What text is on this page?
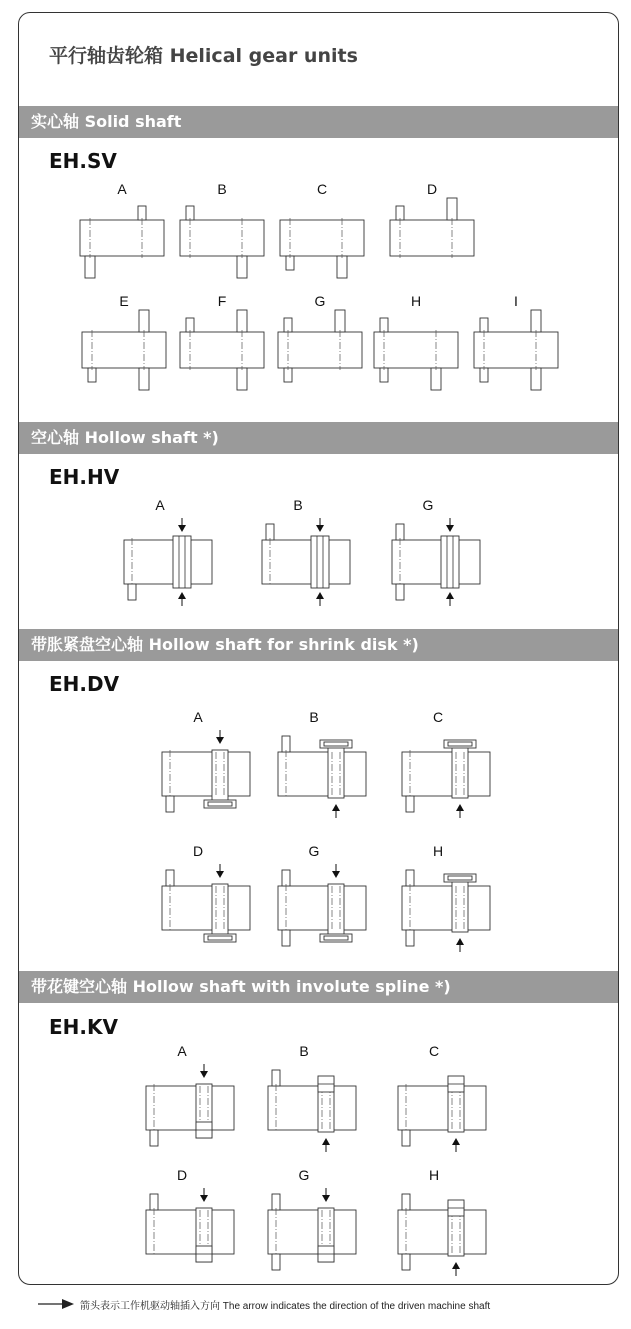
平行轴齿轮箱 Helical gear units
实心轴 Solid shaft
EH.SV
空心轴 Hollow shaft *)
EH.HV
带胀紧盘空心轴 Hollow shaft for shrink disk *)
EH.DV
带花键空心轴 Hollow shaft with involute spline *)
EH.KV
A	B	C	D
E	F	G	H	I
A	B	G
A	B	C
D	G	H
A	B	C
D	G	H
箭头表示工作机驱动轴插入方向 The arrow indicates the direction of the driven machine shaft
